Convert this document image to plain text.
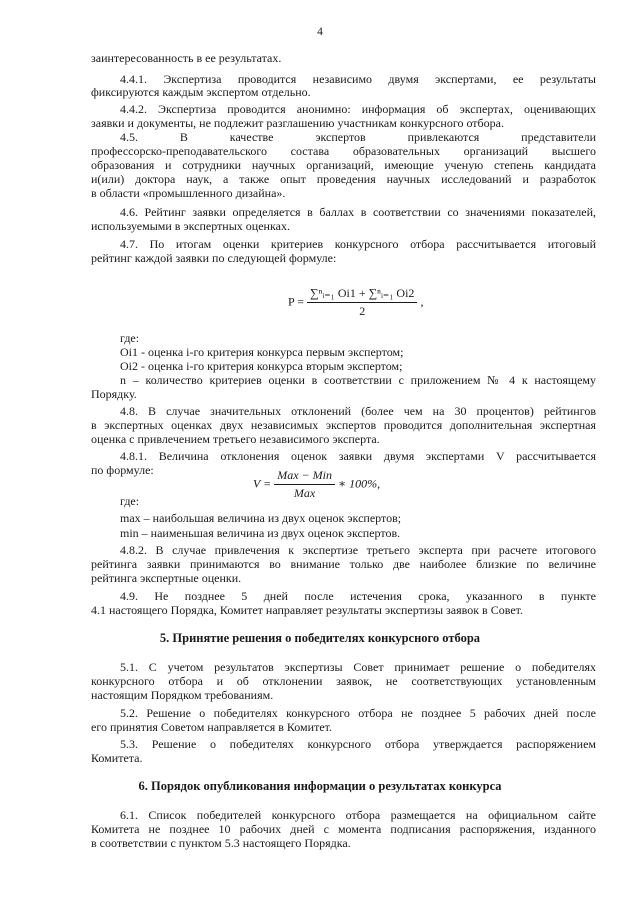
4
заинтересованность в ее результатах.
4.4.1. Экспертиза проводится независимо двумя экспертами, ее результаты
фиксируются каждым экспертом отдельно.
4.4.2. Экспертиза проводится анонимно: информация об экспертах, оценивающих
заявки и документы, не подлежит разглашению участникам конкурсного отбора.
4.5. В качестве экспертов привлекаются представители
профессорско-преподавательского состава образовательных организаций высшего
образования и сотрудники научных организаций, имеющие ученую степень кандидата
и(или) доктора наук, а также опыт проведения научных исследований и разработок
в области «промышленного дизайна».
4.6. Рейтинг заявки определяется в баллах в соответствии со значениями показателей,
используемыми в экспертных оценках.
4.7. По итогам оценки критериев конкурсного отбора рассчитывается итоговый
рейтинг каждой заявки по следующей формуле:
$P = \frac{\text{∑ⁿᵢ₌₁ Oi1 + ∑ⁿᵢ₌₁ Oi2}}{2}$ ,
где:
Oi1 - оценка i-го критерия конкурса первым экспертом;
Oi2 - оценка i-го критерия конкурса вторым экспертом;
n – количество критериев оценки в соответствии с приложением № 4 к настоящему
Порядку.
4.8. В случае значительных отклонений (более чем на 30 процентов) рейтингов
в экспертных оценках двух независимых экспертов проводится дополнительная экспертная
оценка с привлечением третьего независимого эксперта.
4.8.1. Величина отклонения оценок заявки двумя экспертами V рассчитывается
по формуле:
$V = \frac{\text{Max − Min}}{\text{Max}}$ ∗ 100%,
где:
max – наибольшая величина из двух оценок экспертов;
min – наименьшая величина из двух оценок экспертов.
4.8.2. В случае привлечения к экспертизе третьего эксперта при расчете итогового
рейтинга заявки принимаются во внимание только две наиболее близкие по величине
рейтинга экспертные оценки.
4.9. Не позднее 5 дней после истечения срока, указанного в пункте
4.1 настоящего Порядка, Комитет направляет результаты экспертизы заявок в Совет.
5. Принятие решения о победителях конкурсного отбора
5.1. С учетом результатов экспертизы Совет принимает решение о победителях
конкурсного отбора и об отклонении заявок, не соответствующих установленным
настоящим Порядком требованиям.
5.2. Решение о победителях конкурсного отбора не позднее 5 рабочих дней после
его принятия Советом направляется в Комитет.
5.3. Решение о победителях конкурсного отбора утверждается распоряжением
Комитета.
6. Порядок опубликования информации о результатах конкурса
6.1. Список победителей конкурсного отбора размещается на официальном сайте
Комитета не позднее 10 рабочих дней с момента подписания распоряжения, изданного
в соответствии с пунктом 5.3 настоящего Порядка.
